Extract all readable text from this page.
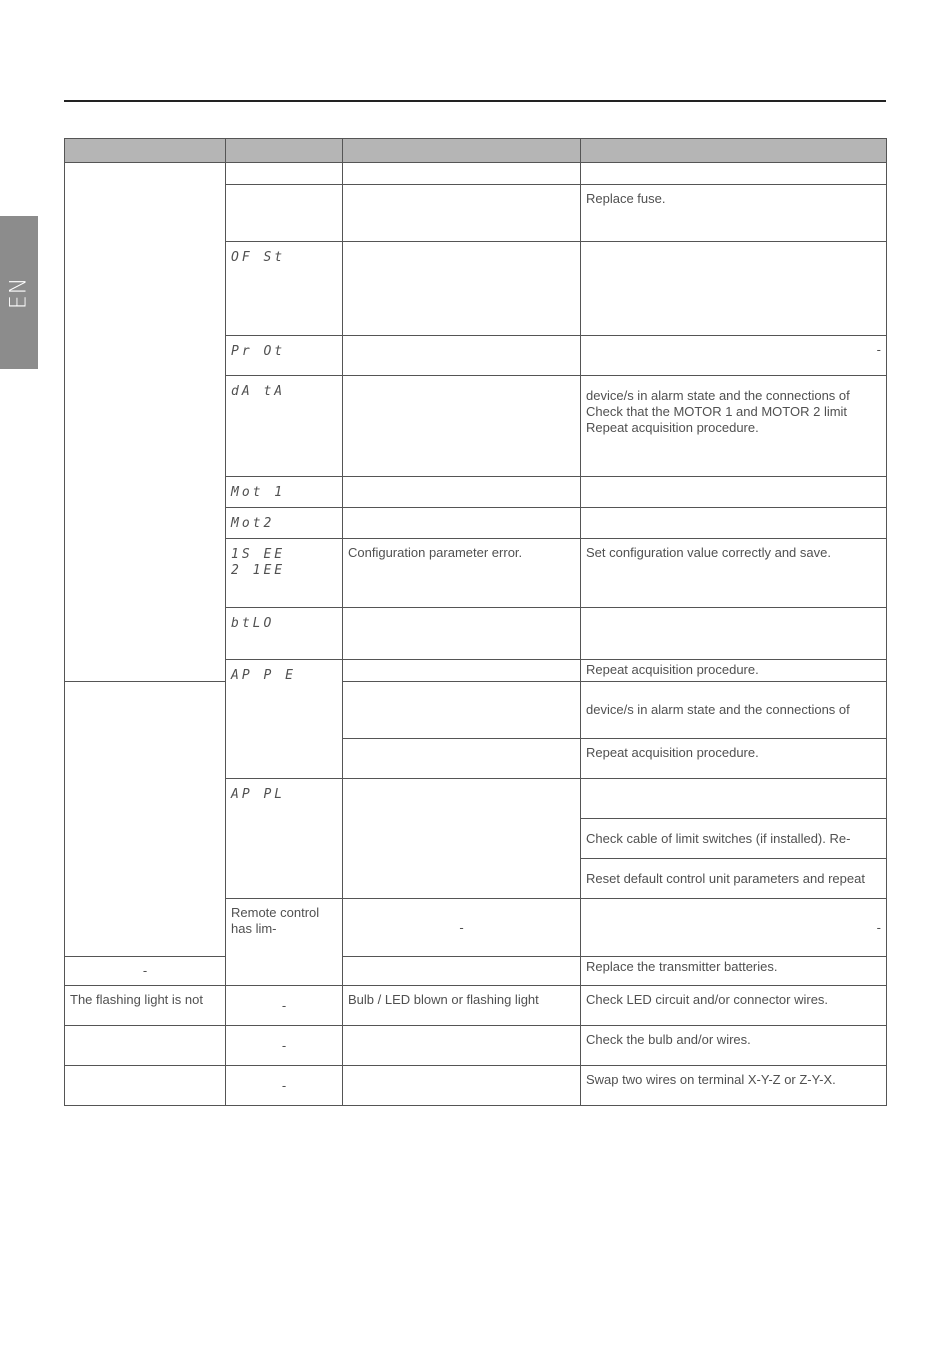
EN

			Replace fuse.	
	OF St			
	Pr Ot		-	
	dA tA		device/s in alarm state and the connections of
Check that the MOTOR 1 and MOTOR 2 limit
Repeat acquisition procedure.	

	Mot 1			
	Mot2			

	1S EE
2 1EE	Configuration parameter error.	Set configuration value correctly and save.	
	btLO			
	AP P E		Repeat acquisition procedure.	
			device/s in alarm state and the connections of	
			Repeat acquisition procedure.	
	AP PL			
			Check cable of limit switches (if installed). Re-	
			Reset default control unit parameters and repeat	
	Remote control has lim-	-	-	
-			Replace the transmitter batteries.	
The flashing light is not	-	Bulb / LED blown or flashing light	Check LED circuit and/or connector wires.	
	-		Check the bulb and/or wires.	
	-		Swap two wires on terminal X-Y-Z or Z-Y-X.	
